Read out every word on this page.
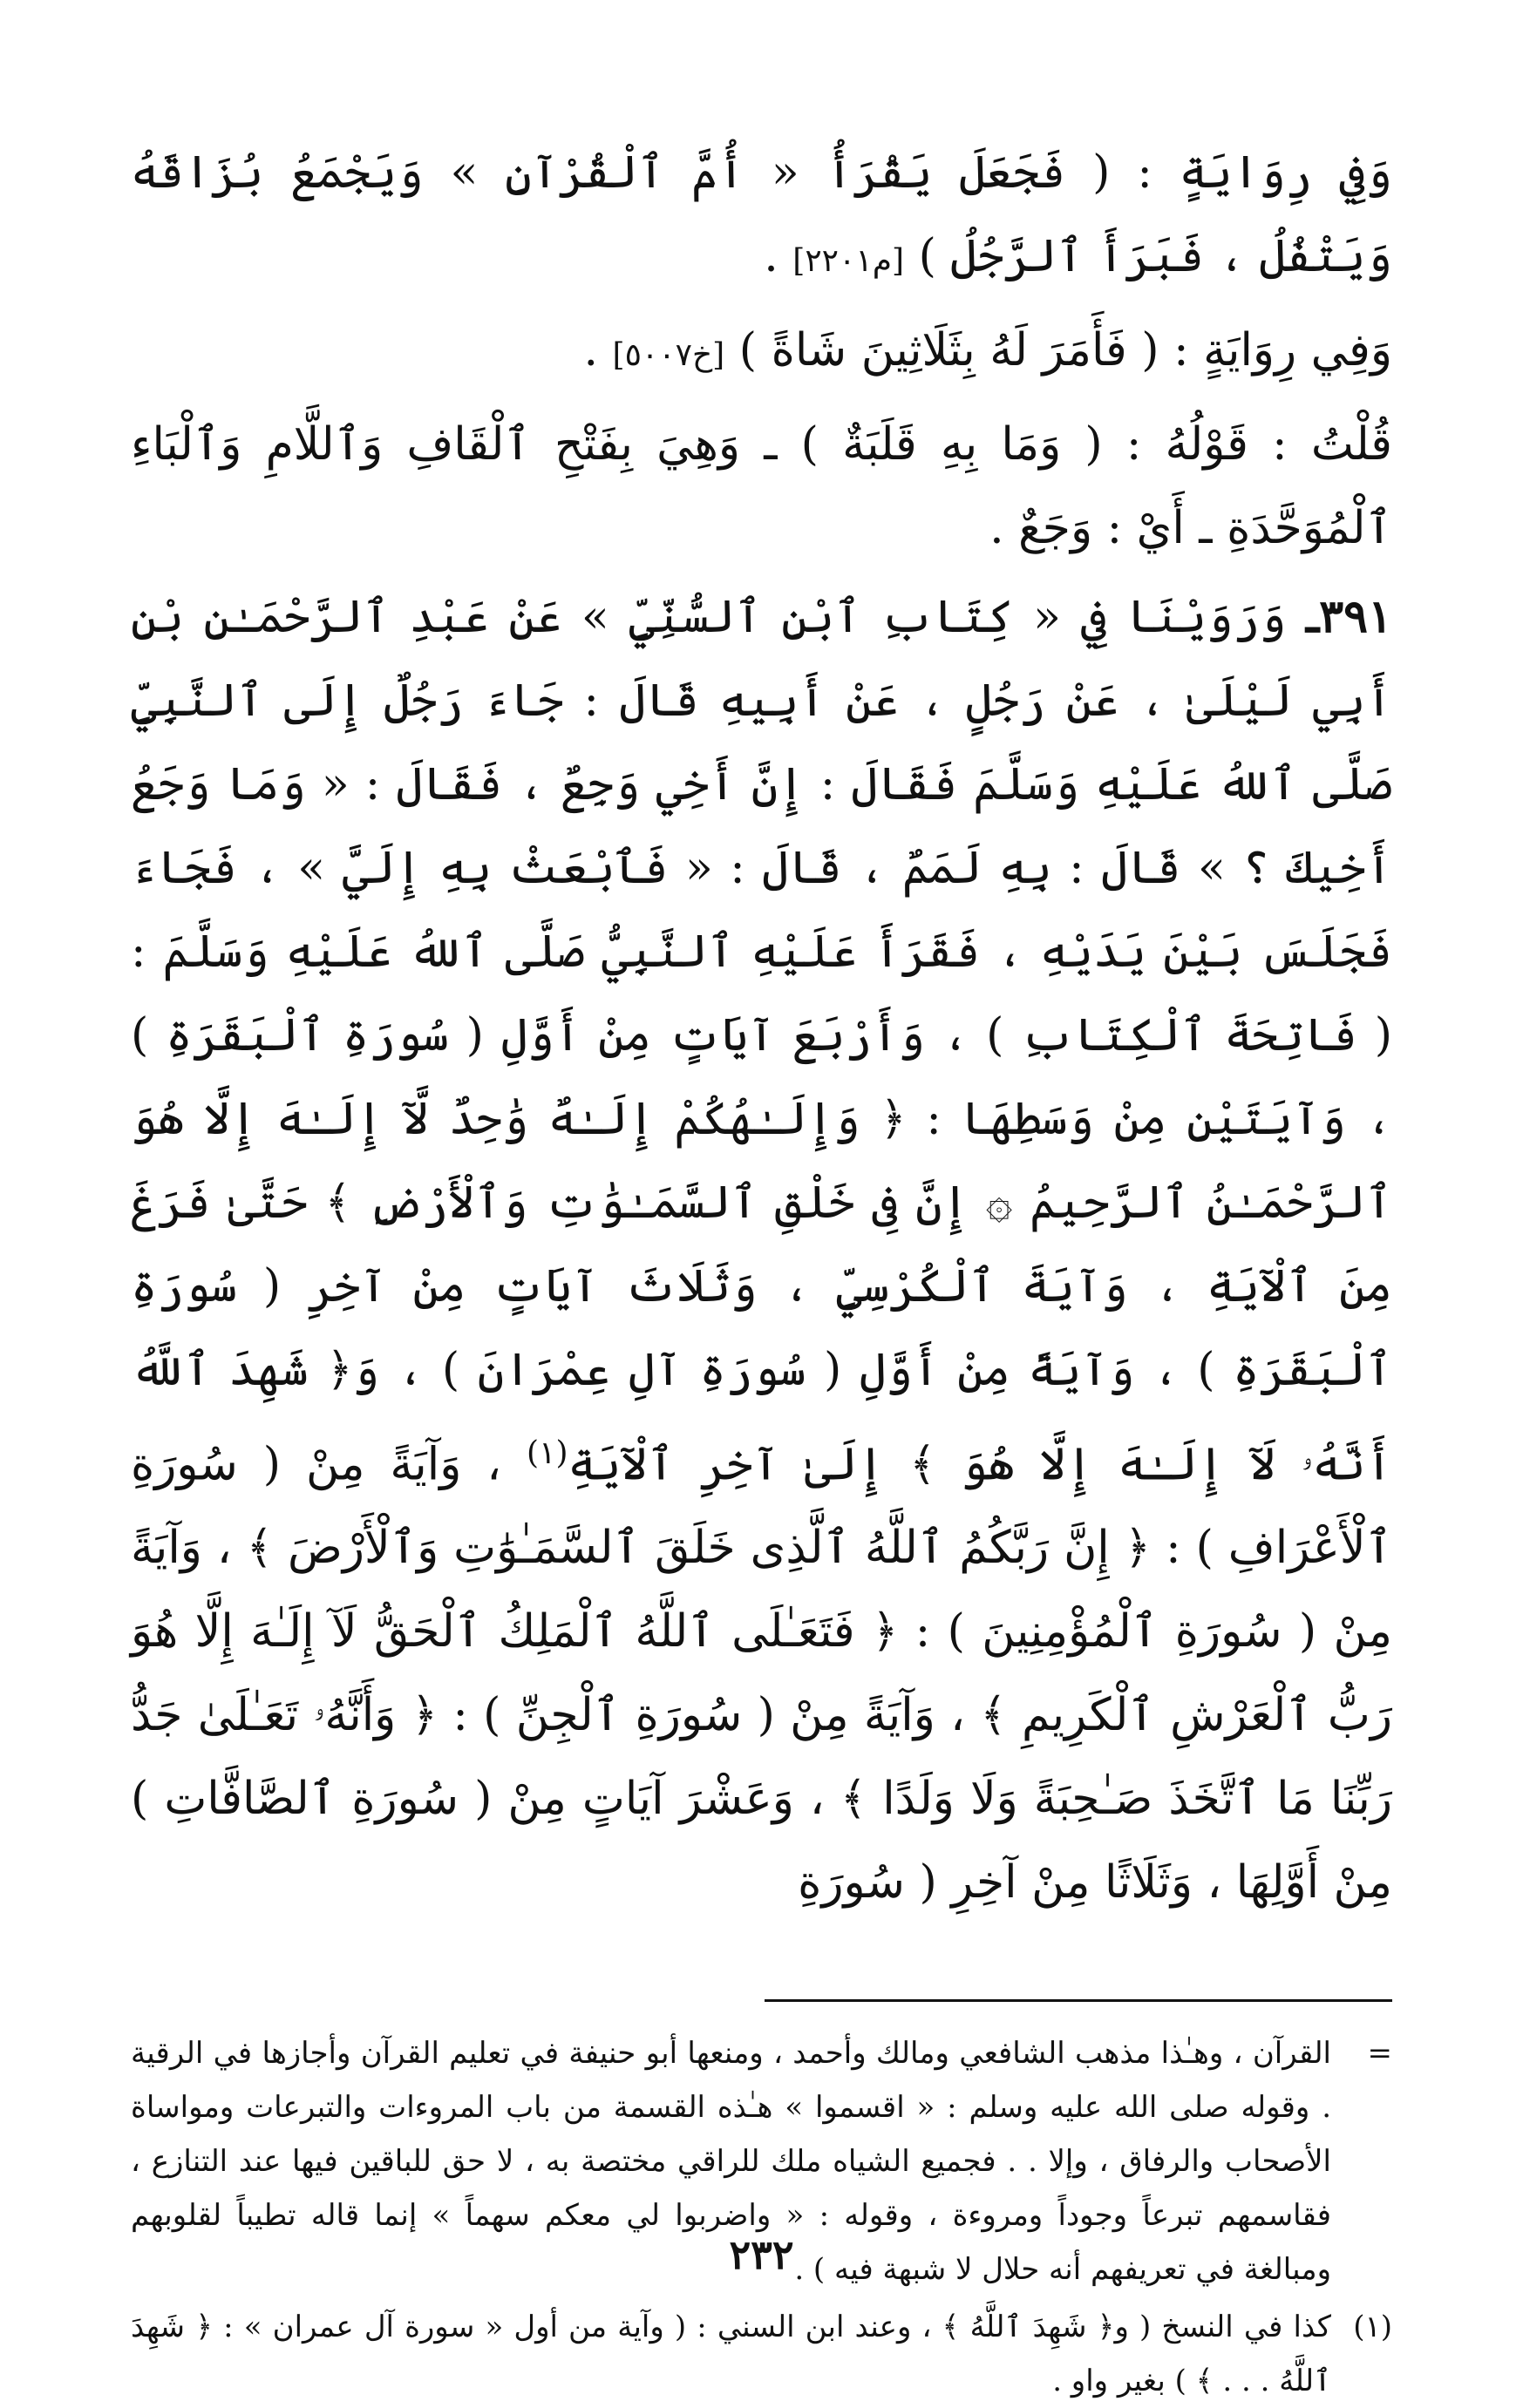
وَفِي رِوَايَةٍ : ( فَجَعَلَ يَقْرَأُ « أُمَّ ٱلْقُرْآنِ » وَيَجْمَعُ بُزَاقَهُ وَيَتْفُلُ ، فَبَرَأَ ٱلرَّجُلُ ) [م٢٢٠١] .

وَفِي رِوَايَةٍ : ( فَأَمَرَ لَهُ بِثَلَاثِينَ شَاةً ) [خ٥٠٠٧] .

قُلْتُ : قَوْلُهُ : ( وَمَا بِهِ قَلَبَةٌ ) ـ وَهِيَ بِفَتْحِ ٱلْقَافِ وَٱللَّامِ وَٱلْبَاءِ ٱلْمُوَحَّدَةِ ـ أَيْ : وَجَعٌ .

٣٩١ـ وَرَوَيْنَا فِي « كِتَابِ ٱبْنِ ٱلسُّنِّيِّ » عَنْ عَبْدِ ٱلرَّحْمَـٰنِ بْنِ أَبِي لَيْلَىٰ ، عَنْ رَجُلٍ ، عَنْ أَبِيهِ قَالَ : جَاءَ رَجُلٌ إِلَى ٱلنَّبِيِّ صَلَّى ٱللهُ عَلَيْهِ وَسَلَّمَ فَقَالَ : إِنَّ أَخِي وَجِعٌ ، فَقَالَ : « وَمَا وَجَعُ أَخِيكَ ؟ » قَالَ : بِهِ لَمَمٌ ، قَالَ : « فَٱبْعَثْ بِهِ إِلَيَّ » ، فَجَاءَ فَجَلَسَ بَيْنَ يَدَيْهِ ، فَقَرَأَ عَلَيْهِ ٱلنَّبِيُّ صَلَّى ٱللهُ عَلَيْهِ وَسَلَّمَ : ( فَاتِحَةَ ٱلْكِتَابِ ) ، وَأَرْبَعَ آيَاتٍ مِنْ أَوَّلِ ( سُورَةِ ٱلْبَقَرَةِ ) ، وَآيَتَيْنِ مِنْ وَسَطِهَا : ﴿ وَإِلَـٰهُكُمْ إِلَـٰهٌ وَٰحِدٌ لَّآ إِلَـٰهَ إِلَّا هُوَ ٱلرَّحْمَـٰنُ ٱلرَّحِيمُ ۞ إِنَّ فِى خَلْقِ ٱلسَّمَـٰوَٰتِ وَٱلْأَرْضِ ﴾ حَتَّىٰ فَرَغَ مِنَ ٱلْآيَةِ ، وَآيَةَ ٱلْكُرْسِيِّ ، وَثَلَاثَ آيَاتٍ مِنْ آخِرِ ( سُورَةِ ٱلْبَقَرَةِ ) ، وَآيَةً مِنْ أَوَّلِ ( سُورَةِ آلِ عِمْرَانَ ) ، وَ﴿ شَهِدَ ٱللَّهُ أَنَّهُۥ لَآ إِلَـٰهَ إِلَّا هُوَ ﴾ إِلَىٰ آخِرِ ٱلْآيَةِ$^{(١)}$ ، وَآيَةً مِنْ ( سُورَةِ ٱلْأَعْرَافِ ) : ﴿ إِنَّ رَبَّكُمُ ٱللَّهُ ٱلَّذِى خَلَقَ ٱلسَّمَـٰوَٰتِ وَٱلْأَرْضَ ﴾ ، وَآيَةً مِنْ ( سُورَةِ ٱلْمُؤْمِنِينَ ) : ﴿ فَتَعَـٰلَى ٱللَّهُ ٱلْمَلِكُ ٱلْحَقُّ لَآ إِلَـٰهَ إِلَّا هُوَ رَبُّ ٱلْعَرْشِ ٱلْكَرِيمِ ﴾ ، وَآيَةً مِنْ ( سُورَةِ ٱلْجِنِّ ) : ﴿ وَأَنَّهُۥ تَعَـٰلَىٰ جَدُّ رَبِّنَا مَا ٱتَّخَذَ صَـٰحِبَةً وَلَا وَلَدًا ﴾ ، وَعَشْرَ آيَاتٍ مِنْ ( سُورَةِ ٱلصَّافَّاتِ ) مِنْ أَوَّلِهَا ، وَثَلَاثًا مِنْ آخِرِ ( سُورَةِ

=
القرآن ، وهـٰذا مذهب الشافعي ومالك وأحمد ، ومنعها أبو حنيفة في تعليم القرآن وأجازها في الرقية . وقوله صلى الله عليه وسلم : « اقسموا » هـٰذه القسمة من باب المروءات والتبرعات ومواساة الأصحاب والرفاق ، وإلا . . فجميع الشياه ملك للراقي مختصة به ، لا حق للباقين فيها عند التنازع ، فقاسمهم تبرعاً وجوداً ومروءة ، وقوله : « واضربوا لي معكم سهماً » إنما قاله تطيباً لقلوبهم ومبالغة في تعريفهم أنه حلال لا شبهة فيه ) .
(١)
كذا في النسخ ( و﴿ شَهِدَ ٱللَّهُ ﴾ ، وعند ابن السني : ( وآية من أول « سورة آل عمران » : ﴿ شَهِدَ ٱللَّهُ . . . ﴾ ) بغير واو .
٢٣٢
